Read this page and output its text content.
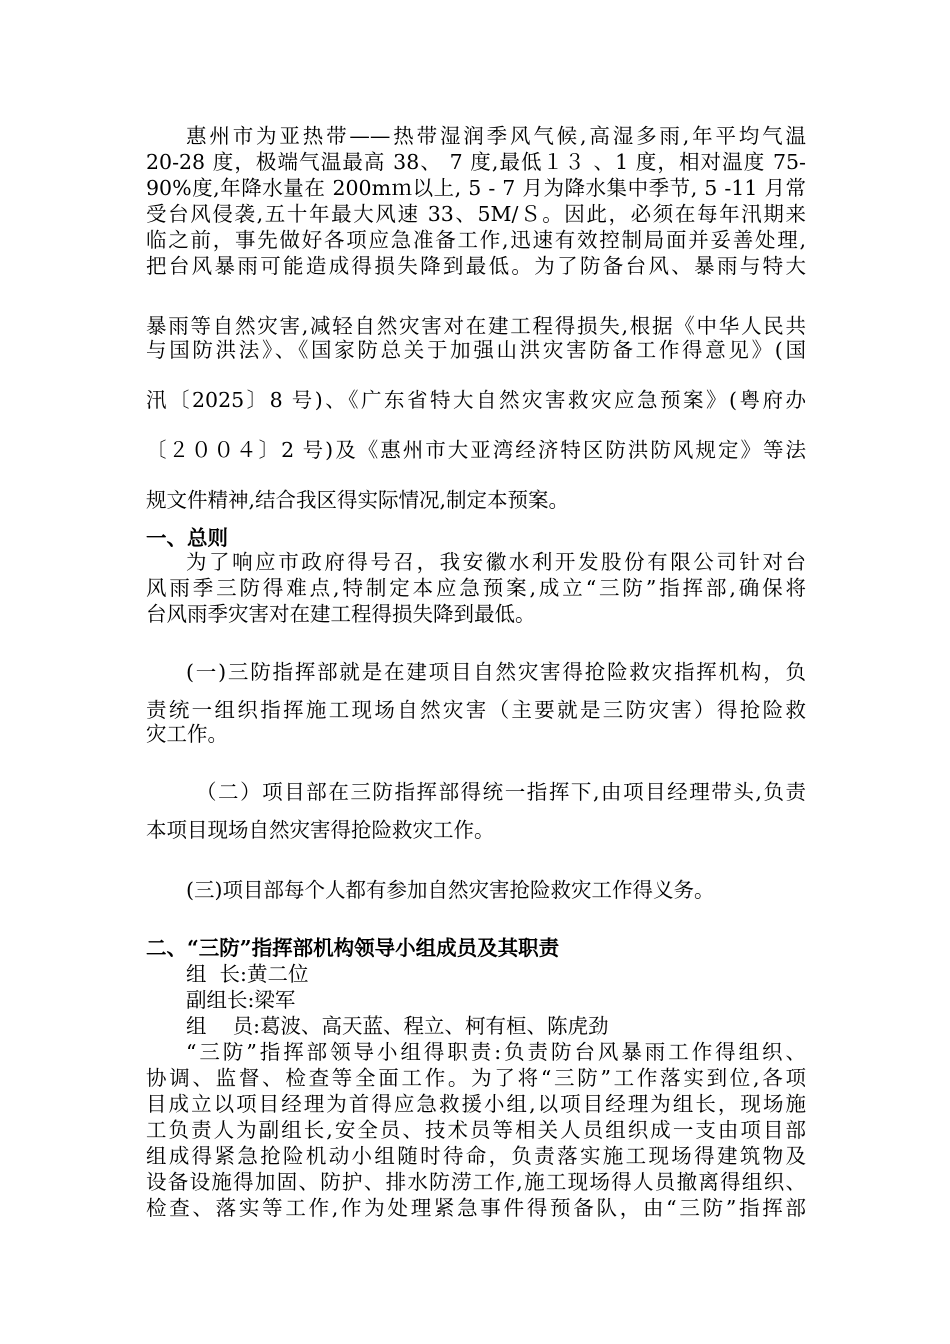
惠州市为亚热带——热带湿润季风气候,高湿多雨,年平均气温
20-28 度，极端气温最高 38、 7 度,最低１３ 、1 度，相对温度 75-
90%度,年降水量在 200mｍ以上, 5 - 7 月为降水集中季节, 5 -11 月常
受台风侵袭,五十年最大风速 33、5M/Ｓ。因此，必须在每年汛期来
临之前，事先做好各项应急准备工作,迅速有效控制局面并妥善处理,
把台风暴雨可能造成得损失降到最低。为了防备台风、暴雨与特大
暴雨等自然灾害,减轻自然灾害对在建工程得损失,根据《中华人民共
与国防洪法》、《国家防总关于加强山洪灾害防备工作得意见》(国
汛〔2025〕8 号)、《广东省特大自然灾害救灾应急预案》(粤府办
〔２００４〕2 号)及《惠州市大亚湾经济特区防洪防风规定》等法
规文件精神,结合我区得实际情况,制定本预案。
一、总则
为了响应市政府得号召，我安徽水利开发股份有限公司针对台
风雨季三防得难点,特制定本应急预案,成立“三防”指挥部,确保将
台风雨季灾害对在建工程得损失降到最低。
(一)三防指挥部就是在建项目自然灾害得抢险救灾指挥机构，负
责统一组织指挥施工现场自然灾害（主要就是三防灾害）得抢险救
灾工作。
（二）项目部在三防指挥部得统一指挥下,由项目经理带头,负责
本项目现场自然灾害得抢险救灾工作。
(三)项目部每个人都有参加自然灾害抢险救灾工作得义务。
二、“三防”指挥部机构领导小组成员及其职责
组  长:黄二位
副组长:梁军
组    员:葛波、高天蓝、程立、柯有桓、陈虎劲
“三防”指挥部领导小组得职责:负责防台风暴雨工作得组织、
协调、监督、检查等全面工作。为了将“三防”工作落实到位,各项
目成立以项目经理为首得应急救援小组,以项目经理为组长，现场施
工负责人为副组长,安全员、技术员等相关人员组织成一支由项目部
组成得紧急抢险机动小组随时待命，负责落实施工现场得建筑物及
设备设施得加固、防护、排水防涝工作,施工现场得人员撤离得组织、
检查、落实等工作,作为处理紧急事件得预备队，由“三防”指挥部
